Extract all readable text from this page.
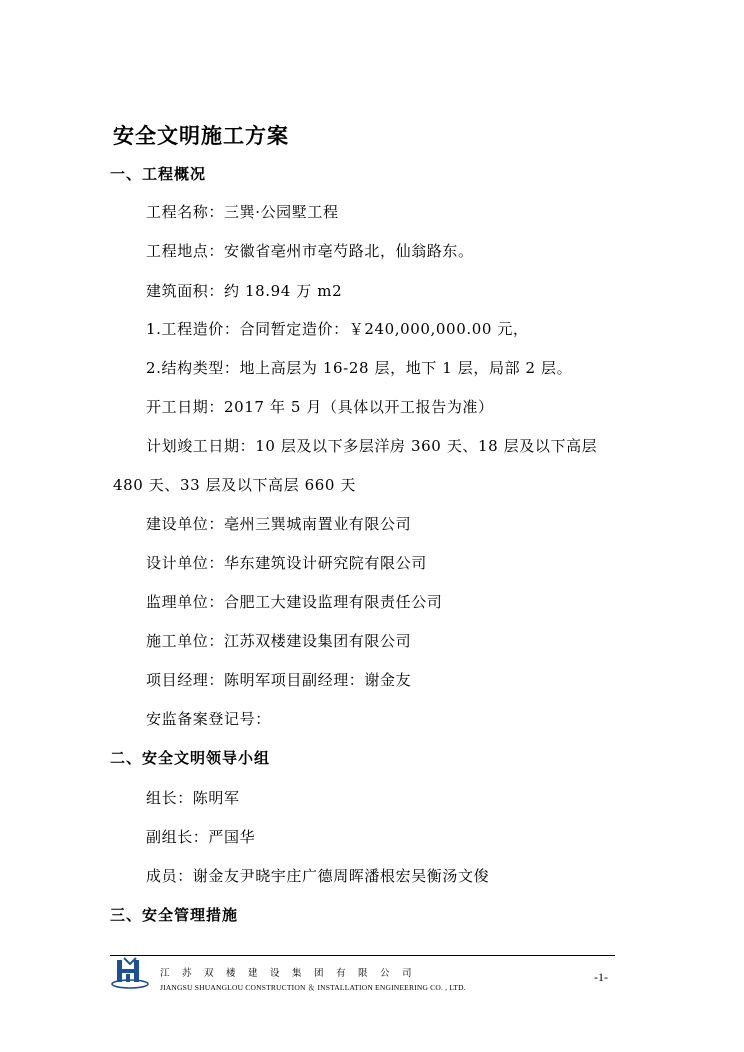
安全文明施工方案
一、工程概况
工程名称：三巽·公园墅工程
工程地点：安徽省亳州市亳芍路北，仙翁路东。
建筑面积：约 18.94 万 m2
1.工程造价：合同暂定造价：￥240,000,000.00 元，
2.结构类型：地上高层为 16-28 层，地下 1 层，局部 2 层。
开工日期：2017 年 5 月（具体以开工报告为准）
计划竣工日期：10 层及以下多层洋房 360 天、18 层及以下高层
480 天、33 层及以下高层 660 天
建设单位：亳州三巽城南置业有限公司
设计单位：华东建筑设计研究院有限公司
监理单位：合肥工大建设监理有限责任公司
施工单位：江苏双楼建设集团有限公司
项目经理：陈明军项目副经理：谢金友
安监备案登记号：
二、安全文明领导小组
组长：陈明军
副组长：严国华
成员：谢金友尹晓宇庄广德周晖潘根宏吴衡汤文俊
三、安全管理措施
江苏双楼建设集团有限公司
JIANGSU SHUANGLOU CONSTRUCTION ＆ INSTALLATION ENGINEERING CO. , LTD.
-1-
